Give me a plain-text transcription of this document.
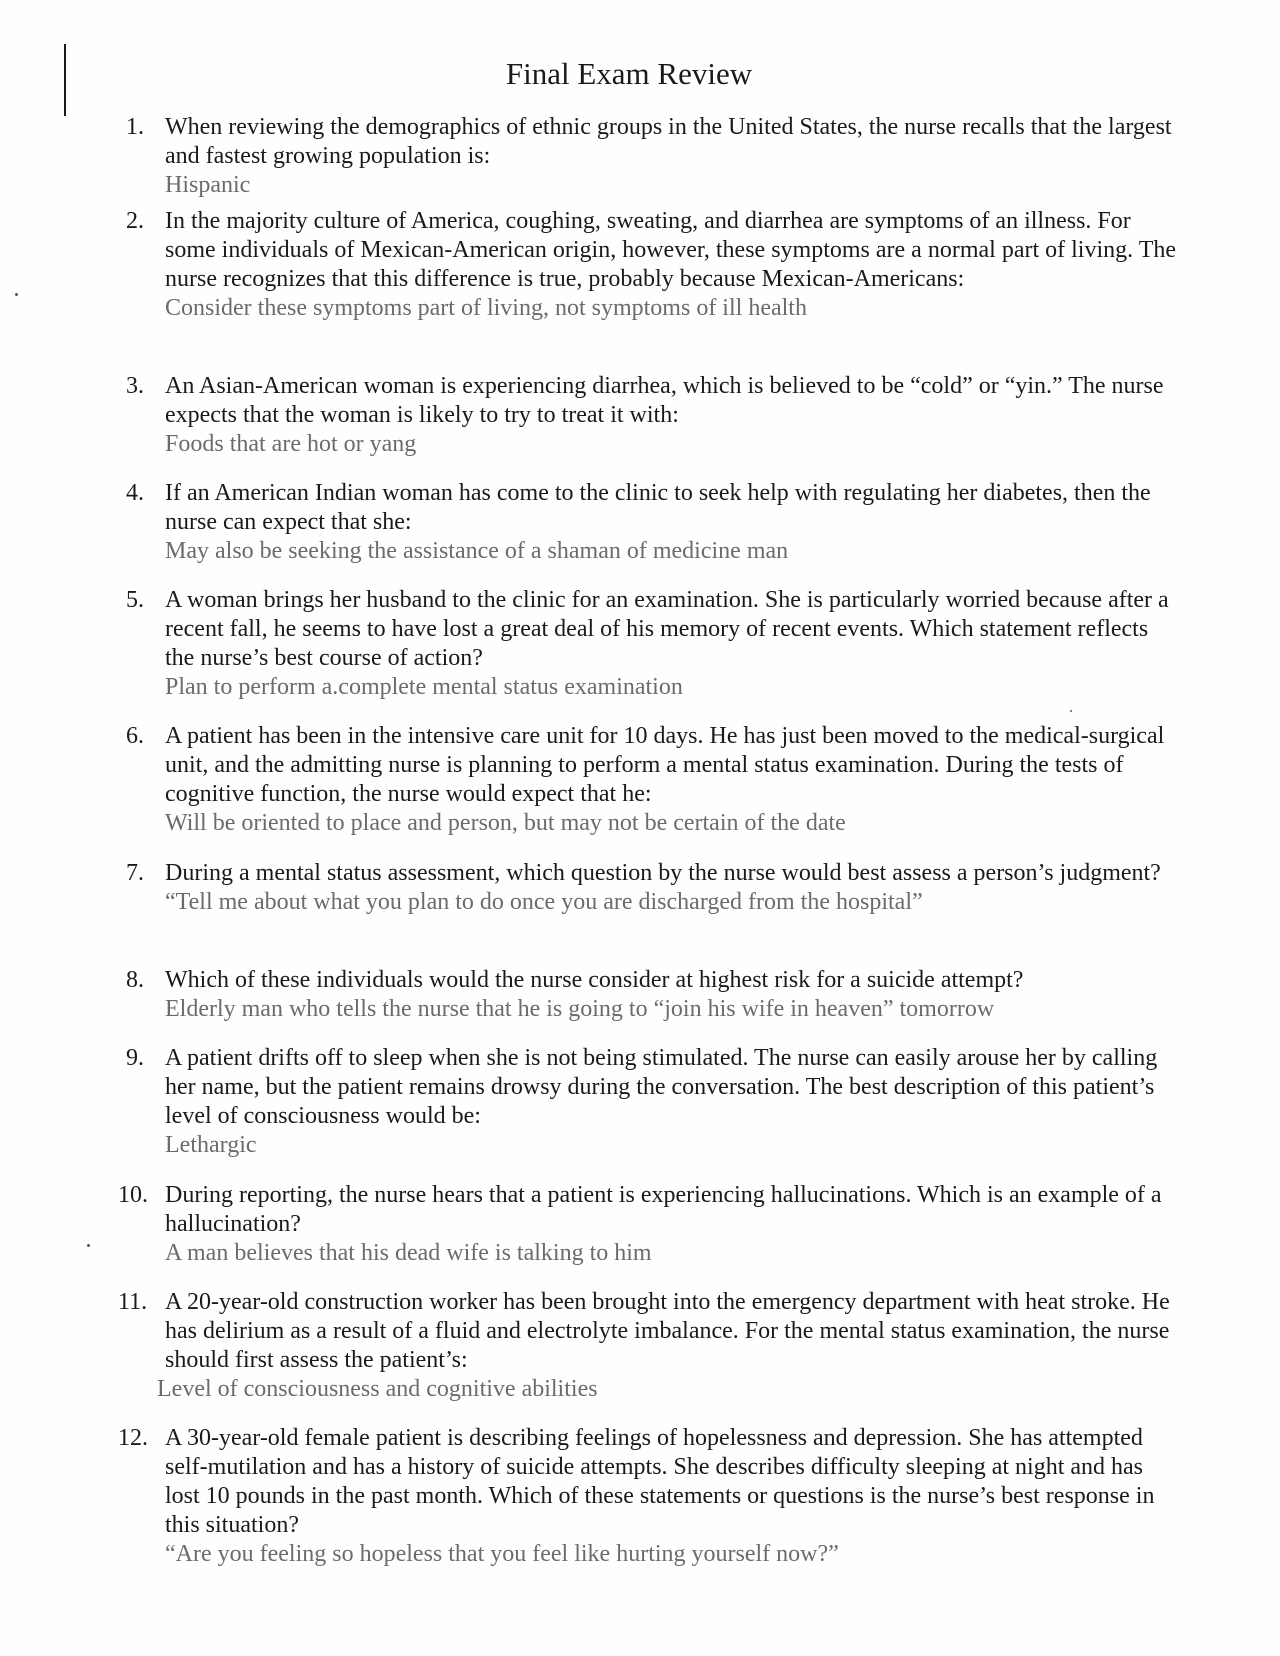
Final Exam Review
1. When reviewing the demographics of ethnic groups in the United States, the nurse recalls that the largest and fastest growing population is:
Hispanic
2. In the majority culture of America, coughing, sweating, and diarrhea are symptoms of an illness. For some individuals of Mexican-American origin, however, these symptoms are a normal part of living. The nurse recognizes that this difference is true, probably because Mexican-Americans:
Consider these symptoms part of living, not symptoms of ill health
3. An Asian-American woman is experiencing diarrhea, which is believed to be “cold” or “yin.” The nurse expects that the woman is likely to try to treat it with:
Foods that are hot or yang
4. If an American Indian woman has come to the clinic to seek help with regulating her diabetes, then the nurse can expect that she:
May also be seeking the assistance of a shaman of medicine man
5. A woman brings her husband to the clinic for an examination. She is particularly worried because after a recent fall, he seems to have lost a great deal of his memory of recent events. Which statement reflects the nurse’s best course of action?
Plan to perform a.complete mental status examination
6. A patient has been in the intensive care unit for 10 days. He has just been moved to the medical-surgical unit, and the admitting nurse is planning to perform a mental status examination. During the tests of cognitive function, the nurse would expect that he:
Will be oriented to place and person, but may not be certain of the date
7. During a mental status assessment, which question by the nurse would best assess a person’s judgment?
“Tell me about what you plan to do once you are discharged from the hospital”
8. Which of these individuals would the nurse consider at highest risk for a suicide attempt?
Elderly man who tells the nurse that he is going to “join his wife in heaven” tomorrow
9. A patient drifts off to sleep when she is not being stimulated. The nurse can easily arouse her by calling her name, but the patient remains drowsy during the conversation. The best description of this patient’s level of consciousness would be:
Lethargic
10. During reporting, the nurse hears that a patient is experiencing hallucinations. Which is an example of a hallucination?
A man believes that his dead wife is talking to him
11. A 20-year-old construction worker has been brought into the emergency department with heat stroke. He has delirium as a result of a fluid and electrolyte imbalance. For the mental status examination, the nurse should first assess the patient’s:
Level of consciousness and cognitive abilities
12. A 30-year-old female patient is describing feelings of hopelessness and depression. She has attempted self-mutilation and has a history of suicide attempts. She describes difficulty sleeping at night and has lost 10 pounds in the past month. Which of these statements or questions is the nurse’s best response in this situation?
“Are you feeling so hopeless that you feel like hurting yourself now?”
